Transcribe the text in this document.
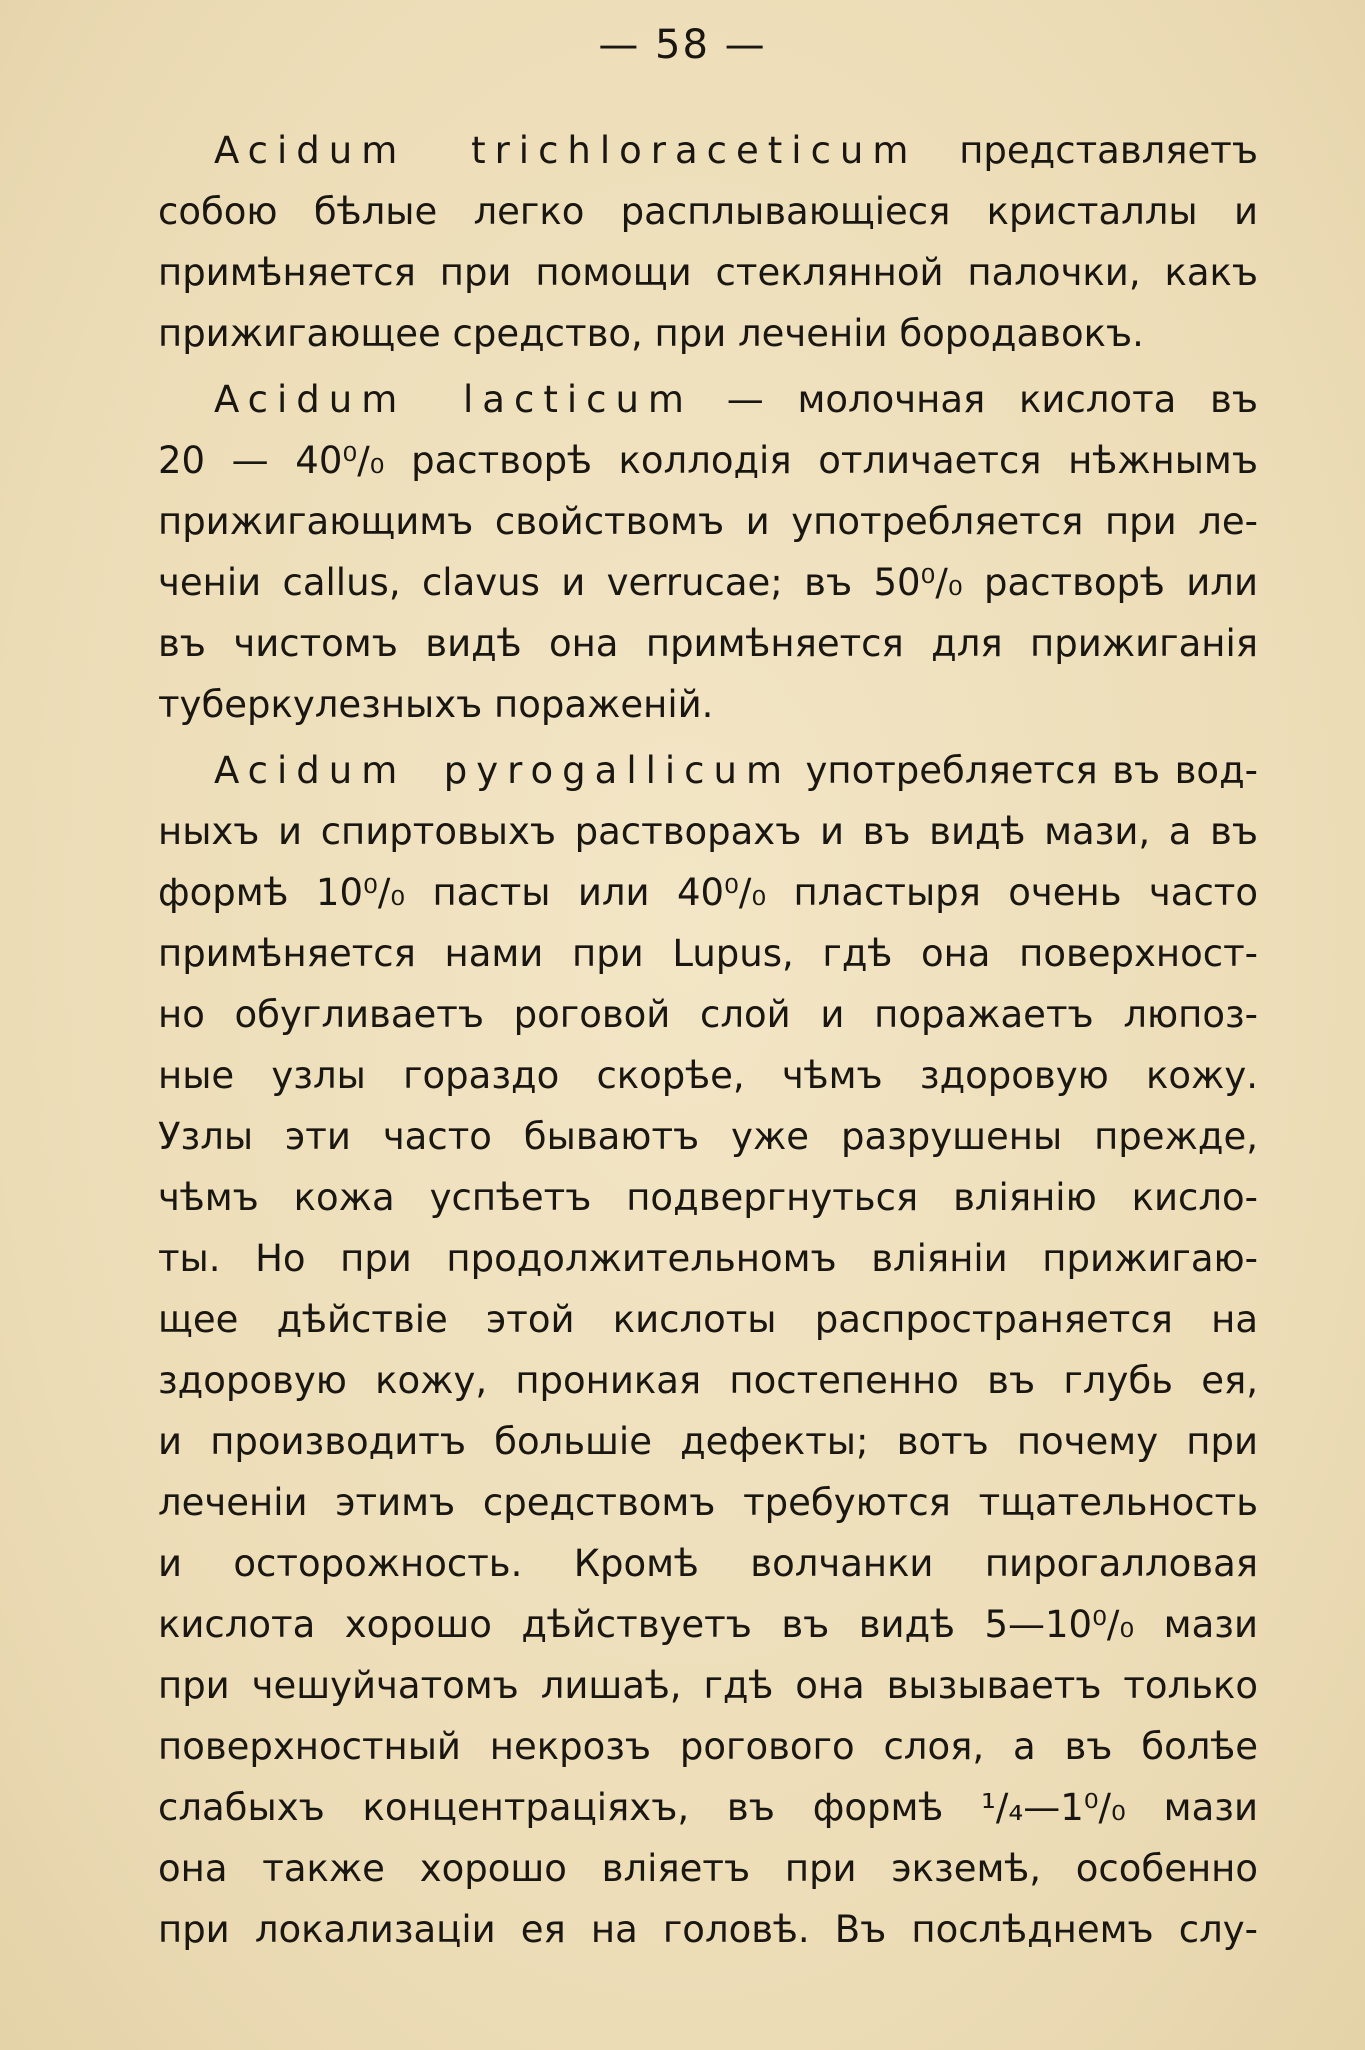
— 58 —
Acidum trichloraceticum представляетъ
собою бѣлые легко расплывающіеся кристаллы и
примѣняется при помощи стеклянной палочки, какъ
прижигающее средство, при леченіи бородавокъ.
Acidum lacticum — молочная кислота въ
20 — 40⁰/₀ растворѣ коллодія отличается нѣжнымъ
прижигающимъ свойствомъ и употребляется при ле-
ченіи callus, clavus и verrucae; въ 50⁰/₀ растворѣ или
въ чистомъ видѣ она примѣняется для прижиганія
туберкулезныхъ пораженій.
Acidum pyrogallicum употребляется въ вод-
ныхъ и спиртовыхъ растворахъ и въ видѣ мази, а въ
формѣ 10⁰/₀ пасты или 40⁰/₀ пластыря очень часто
примѣняется нами при Lupus, гдѣ она поверхност-
но обугливаетъ роговой слой и поражаетъ люпоз-
ные узлы гораздо скорѣе, чѣмъ здоровую кожу.
Узлы эти часто бываютъ уже разрушены прежде,
чѣмъ кожа успѣетъ подвергнуться вліянію кисло-
ты. Но при продолжительномъ вліяніи прижигаю-
щее дѣйствіе этой кислоты распространяется на
здоровую кожу, проникая постепенно въ глубь ея,
и производитъ большіе дефекты; вотъ почему при
леченіи этимъ средствомъ требуются тщательность
и осторожность. Кромѣ волчанки пирогалловая
кислота хорошо дѣйствуетъ въ видѣ 5—10⁰/₀ мази
при чешуйчатомъ лишаѣ, гдѣ она вызываетъ только
поверхностный некрозъ рогового слоя, а въ болѣе
слабыхъ концентраціяхъ, въ формѣ ¹/₄—1⁰/₀ мази
она также хорошо вліяетъ при экземѣ, особенно
при локализаціи ея на головѣ. Въ послѣднемъ слу-
